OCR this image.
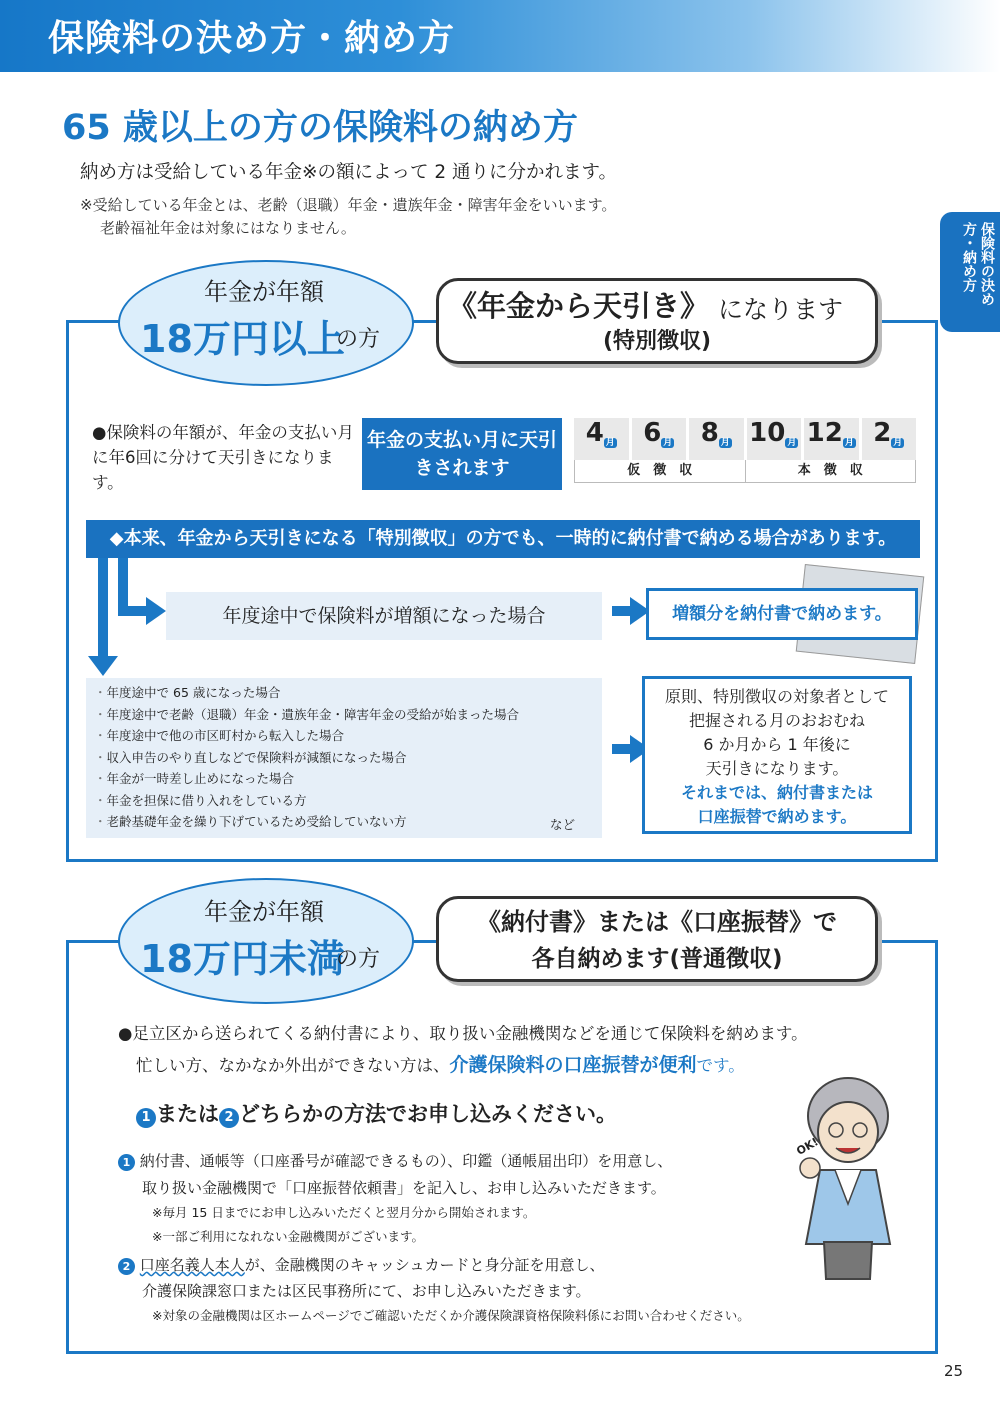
保険料の決め方・納め方
保険料の決め方・納め方
65 歳以上の方の保険料の納め方
納め方は受給している年金※の額によって 2 通りに分かれます。
※受給している年金とは、老齢（退職）年金・遺族年金・障害年金をいいます。
老齢福祉年金は対象にはなりません。
年金が年額
18万円以上
の方
《年金から天引き》 になります
(特別徴収)
●保険料の年額が、年金の支払い月に年6回に分けて天引きになります。
年金の支払い月に天引きされます
4 月	6 月	8 月 10 月 12 月 2 月
仮　徴　収	本　徴　収
◆本来、年金から天引きになる「特別徴収」の方でも、一時的に納付書で納める場合があります。
年度途中で保険料が増額になった場合	増額分を納付書で納めます。
・ 年度途中で 65 歳になった場合
・ 年度途中で老齢（退職）年金・遺族年金・障害年金の受給が始まった場合
・ 年度途中で他の市区町村から転入した場合
・ 収入申告のやり直しなどで保険料が減額になった場合
・ 年金が一時差し止めになった場合
・ 年金を担保に借り入れをしている方
・ 老齢基礎年金を繰り下げているため受給していない方	など
原則、特別徴収の対象者として
把握される月のおおむね
6 か月から 1 年後に
天引きになります。
それまでは、納付書または
口座振替で納めます。
年金が年額
18万円未満
の方
《納付書》または《口座振替》で
各自納めます(普通徴収)
●足立区から送られてくる納付書により、取り扱い金融機関などを通じて保険料を納めます。
忙しい方、なかなか外出ができない方は、介護保険料の口座振替が便利です。
1 または 2 どちらかの方法でお申し込みください。
1 納付書、通帳等（口座番号が確認できるもの）、印鑑（通帳届出印）を用意し、
取り扱い金融機関で「口座振替依頼書」を記入し、お申し込みいただきます。
※毎月 15 日までにお申し込みいただくと翌月分から開始されます。
※一部ご利用になれない金融機関がございます。
2 口座名義人本人が、金融機関のキャッシュカードと身分証を用意し、
介護保険課窓口または区民事務所にて、お申し込みいただきます。
※対象の金融機関は区ホームページでご確認いただくか介護保険課資格保険料係にお問い合わせください。
OK!
25
